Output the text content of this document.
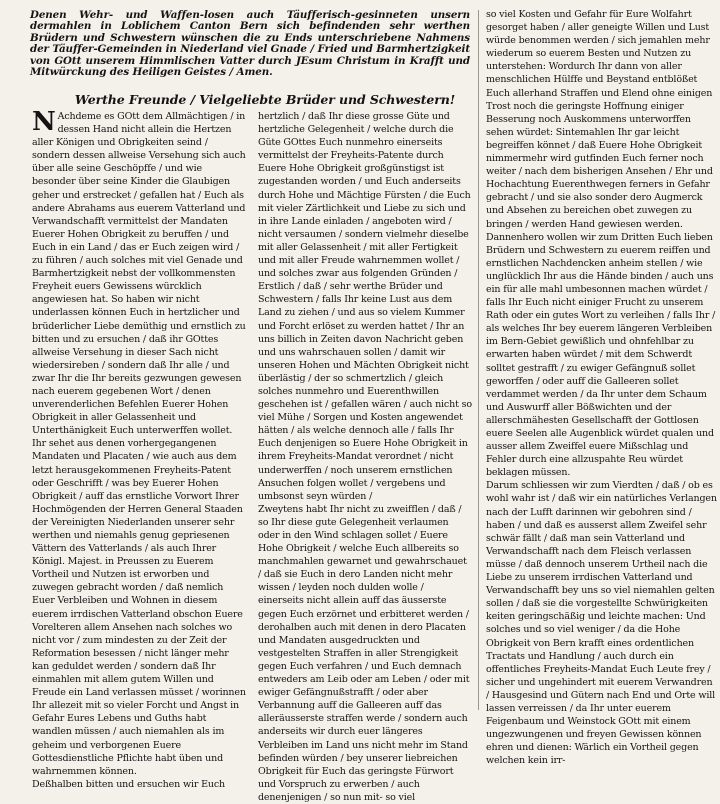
Denen Wehr- und Waffen-losen auch Täufferisch-gesinneten unsern dermahlen in Loblichem Canton Bern sich befindenden sehr werthen Brüdern und Schwestern wünschen die zu Ends unterschriebene Nahmens der Täuffer-Gemeinden in Niederland viel Gnade / Fried und Barmhertzigkeit von GOtt unserem Himmlischen Vatter durch JEsum Christum in Krafft und Mitwürckung des Heiligen Geistes / Amen.
Werthe Freunde / Vielgeliebte Brüder und Schwestern!
N Achdeme es GOtt dem Allmächtigen / in dessen Hand nicht allein die Hertzen aller Königen und Obrigkeiten seind / sondern dessen allweise Versehung sich auch über alle seine Geschöpffe / und wie besonder über seine Kinder die Glaubigen geher und erstrecket / gefallen hat / Euch als andere Abrahams aus euerem Vatterland und Verwandschafft vermittelst der Mandaten Euerer Hohen Obrigkeit zu beruffen / und Euch in ein Land / das er Euch zeigen wird / zu führen / auch solches mit viel Genade und Barmhertzigkeit nebst der vollkommensten Freyheit euers Gewissens würcklich angewiesen hat. So haben wir nicht underlassen können Euch in hertzlicher und brüderlicher Liebe demüthig und ernstlich zu bitten und zu ersuchen / daß ihr GOttes allweise Versehung in dieser Sach nicht wiedersireben / sondern daß Ihr alle / und zwar Ihr die Ihr bereits gezwungen gewesen nach euerem gegebenen Wort / denen unverenderlichen Befehlen Euerer Hohen Obrigkeit in aller Gelassenheit und Unterthänigkeit Euch unterwerffen wollet.
Ihr sehet aus denen vorhergegangenen Mandaten und Placaten / wie auch aus dem letzt herausgekommenen Freyheits-Patent oder Geschrifft / was bey Euerer Hohen Obrigkeit / auff das ernstliche Vorwort Ihrer Hochmögenden der Herren General Staaden der Vereinigten Niederlanden unserer sehr werthen und niemahls genug gepriesenen Vättern des Vatterlands / als auch Ihrer Königl. Majest. in Preussen zu Euerem Vortheil und Nutzen ist erworben und zuwegen gebracht worden / daß nemlich Euer Verbleiben und Wohnen in diesem euerem irrdischen Vatterland obschon Euere Vorelteren allem Ansehen nach solches wo nicht vor / zum mindesten zu der Zeit der Reformation besessen / nicht länger mehr kan geduldet werden / sondern daß Ihr einmahlen mit allem gutem Willen und Freude ein Land verlassen müsset / worinnen Ihr allezeit mit so vieler Forcht und Angst in Gefahr Eures Lebens und Guths habt wandlen müssen / auch niemahlen als im geheim und verborgenen Euere Gottesdienstliche Pflichte habt üben und wahrnemmen können.
Deßhalben bitten und ersuchen wir Euch
hertzlich / daß Ihr diese grosse Güte und hertzliche Gelegenheit / welche durch die Güte GOttes Euch nunmehro einerseits vermittelst der Freyheits-Patente durch Euere Hohe Obrigkeit großgünstigst ist zugestanden worden / und Euch anderseits durch Hohe und Mächtige Fürsten / die Euch mit vieler Zärtlichkeit und Liebe zu sich und in ihre Lande einladen / angeboten wird / nicht versaumen / sondern vielmehr dieselbe mit aller Gelassenheit / mit aller Fertigkeit und mit aller Freude wahrnemmen wollet / und solches zwar aus folgenden Gründen /
Erstlich / daß / sehr werthe Brüder und Schwestern / falls Ihr keine Lust aus dem Land zu ziehen / und aus so vielem Kummer und Forcht erlöset zu werden hattet / Ihr an uns billich in Zeiten davon Nachricht geben und uns wahrschauen sollen / damit wir unseren Hohen und Mächten Obrigkeit nicht überlästig / der so schmertzlich / gleich solches nunmehro und Euerenthwillen geschehen ist / gefallen wären / auch nicht so viel Mühe / Sorgen und Kosten angewendet hätten / als welche dennoch alle / falls Ihr Euch denjenigen so Euere Hohe Obrigkeit in ihrem Freyheits-Mandat verordnet / nicht underwerffen / noch unserem ernstlichen Ansuchen folgen wollet / vergebens und umbsonst seyn würden /
Zweytens habt Ihr nicht zu zweifflen / daß / so Ihr diese gute Gelegenheit verlaumen oder in den Wind schlagen sollet / Euere Hohe Obrigkeit / welche Euch allbereits so manchmahlen gewarnet und gewahrschauet / daß sie Euch in dero Landen nicht mehr wissen / leyden noch dulden wolle / einerseits nicht allein auff das äusserste gegen Euch erzörnet und erbitteret werden / derohalben auch mit denen in dero Placaten und Mandaten ausgedruckten und vestgestelten Straffen in aller Strengigkeit gegen Euch verfahren / und Euch demnach entweders am Leib oder am Leben / oder mit ewiger Gefängnußstrafft / oder aber Verbannung auff die Galleeren auff das alleräusserste straffen werde / sondern auch anderseits wir durch euer längeres Verbleiben im Land uns nicht mehr im Stand befinden würden / bey unserer liebreichen Obrigkeit für Euch das geringste Fürwort und Vorspruch zu erwerben / auch denenjenigen / so nun mit- so viel
so viel Kosten und Gefahr für Eure Wolfahrt gesorget haben / aller geneigte Willen und Lust würde benommen werden / sich jemahlen mehr wiederum so euerem Besten und Nutzen zu unterstehen: Wordurch Ihr dann von aller menschlichen Hülffe und Beystand entblößet Euch allerhand Straffen und Elend ohne einigen Trost noch die geringste Hoffnung einiger Besserung noch Auskommens unterworffen sehen würdet: Sintemahlen Ihr gar leicht begreiffen könnet / daß Euere Hohe Obrigkeit nimmermehr wird gutfinden Euch ferner noch weiter / nach dem bisherigen Ansehen / Ehr und Hochachtung Euerenthwegen ferners in Gefahr gebracht / und sie also sonder dero Augmerck und Absehen zu bereichen obet zuwegen zu bringen / werden Hand gewiesen werden.
Dannenhero wollen wir zum Dritten Euch lieben Brüdern und Schwestern zu euerem reiffen und ernstlichen Nachdencken anheim stellen / wie unglücklich Ihr aus die Hände binden / auch uns ein für alle mahl umbesonnen machen würdet / falls Ihr Euch nicht einiger Frucht zu unserem Rath oder ein gutes Wort zu verleihen / falls Ihr / als welches Ihr bey euerem längeren Verbleiben im Bern-Gebiet gewißlich und ohnfehlbar zu erwarten haben würdet / mit dem Schwerdt solltet gestrafft / zu ewiger Gefängnuß sollet geworffen / oder auff die Galleeren sollet verdammet werden / da Ihr unter dem Schaum und Auswurff aller Bößwichten und der allerschmähesten Gesellschafft der Gottlosen euere Seelen alle Augenblick würdet qualen und ausser allem Zweiffel euere Mißschlag und Fehler durch eine allzuspahte Reu würdet beklagen müssen.
Darum schliessen wir zum Vierdten / daß / ob es wohl wahr ist / daß wir ein natürliches Verlangen nach der Lufft darinnen wir gebohren sind / haben / und daß es ausserst allem Zweifel sehr schwär fällt / daß man sein Vatterland und Verwandschafft nach dem Fleisch verlassen müsse / daß dennoch unserem Urtheil nach die Liebe zu unserem irrdischen Vatterland und Verwandschafft bey uns so viel niemahlen gelten sollen / daß sie die vorgestellte Schwürigkeiten keiten geringschäßig und leichte machen: Und solches und so viel weniger / da die Hohe Obrigkeit von Bern krafft eines ordentlichen Tractats und Handlung / auch durch ein offentliches Freyheits-Mandat Euch Leute frey / sicher und ungehindert mit euerem Verwandren / Hausgesind und Gütern nach End und Orte will lassen verreissen / da Ihr unter euerem Feigenbaum und Weinstock GOtt mit einem ungezwungenen und freyen Gewissen können ehren und dienen: Wärlich ein Vortheil gegen welchen kein irr-
